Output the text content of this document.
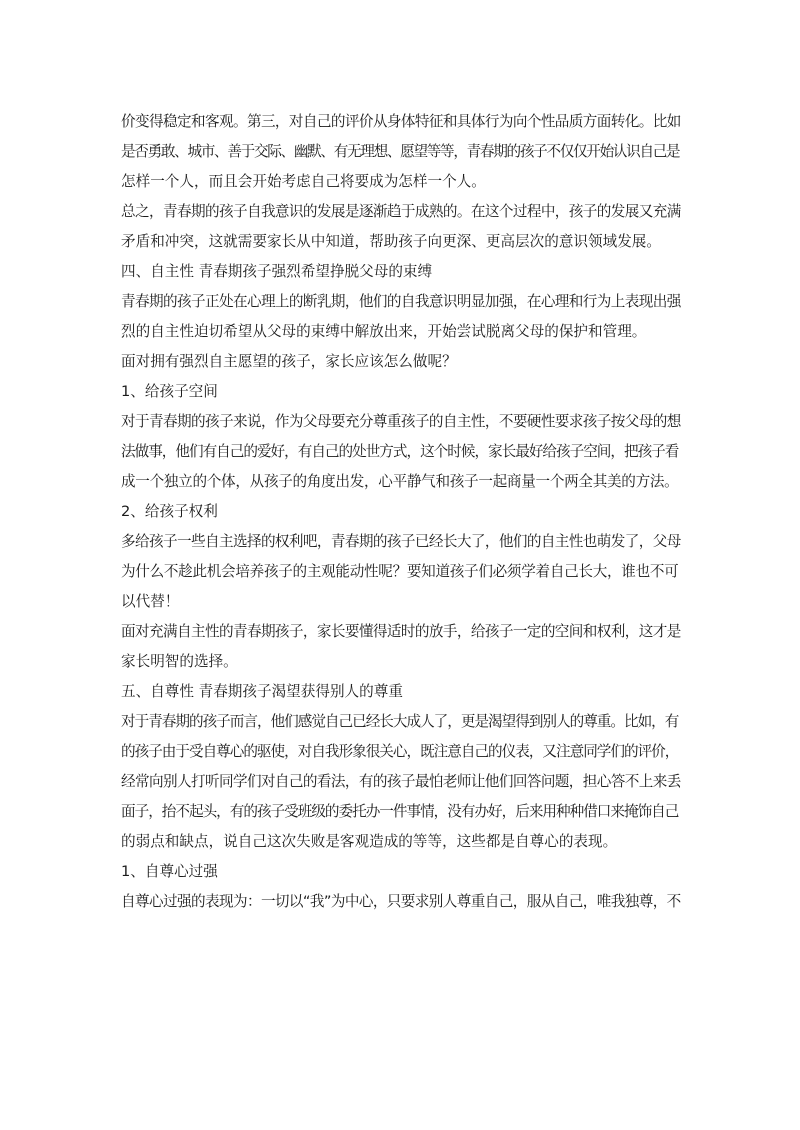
价变得稳定和客观。第三，对自己的评价从身体特征和具体行为向个性品质方面转化。比如

是否勇敢、城市、善于交际、幽默、有无理想、愿望等等，青春期的孩子不仅仅开始认识自己是

怎样一个人，而且会开始考虑自己将要成为怎样一个人。

总之，青春期的孩子自我意识的发展是逐渐趋于成熟的。在这个过程中，孩子的发展又充满

矛盾和冲突，这就需要家长从中知道，帮助孩子向更深、更高层次的意识领域发展。

四、自主性 青春期孩子强烈希望挣脱父母的束缚

青春期的孩子正处在心理上的断乳期，他们的自我意识明显加强，在心理和行为上表现出强

烈的自主性迫切希望从父母的束缚中解放出来，开始尝试脱离父母的保护和管理。

面对拥有强烈自主愿望的孩子，家长应该怎么做呢？

1、给孩子空间

对于青春期的孩子来说，作为父母要充分尊重孩子的自主性，不要硬性要求孩子按父母的想

法做事，他们有自己的爱好，有自己的处世方式，这个时候，家长最好给孩子空间，把孩子看

成一个独立的个体，从孩子的角度出发，心平静气和孩子一起商量一个两全其美的方法。

2、给孩子权利

多给孩子一些自主选择的权利吧，青春期的孩子已经长大了，他们的自主性也萌发了，父母

为什么不趁此机会培养孩子的主观能动性呢？要知道孩子们必须学着自己长大，谁也不可

以代替！

面对充满自主性的青春期孩子，家长要懂得适时的放手，给孩子一定的空间和权利，这才是

家长明智的选择。

五、自尊性 青春期孩子渴望获得别人的尊重

对于青春期的孩子而言，他们感觉自己已经长大成人了，更是渴望得到别人的尊重。比如，有

的孩子由于受自尊心的驱使，对自我形象很关心，既注意自己的仪表，又注意同学们的评价，

经常向别人打听同学们对自己的看法，有的孩子最怕老师让他们回答问题，担心答不上来丢

面子，抬不起头，有的孩子受班级的委托办一件事情，没有办好，后来用种种借口来掩饰自己

的弱点和缺点，说自己这次失败是客观造成的等等，这些都是自尊心的表现。

1、自尊心过强

自尊心过强的表现为：一切以“我”为中心，只要求别人尊重自己，服从自己，唯我独尊，不
